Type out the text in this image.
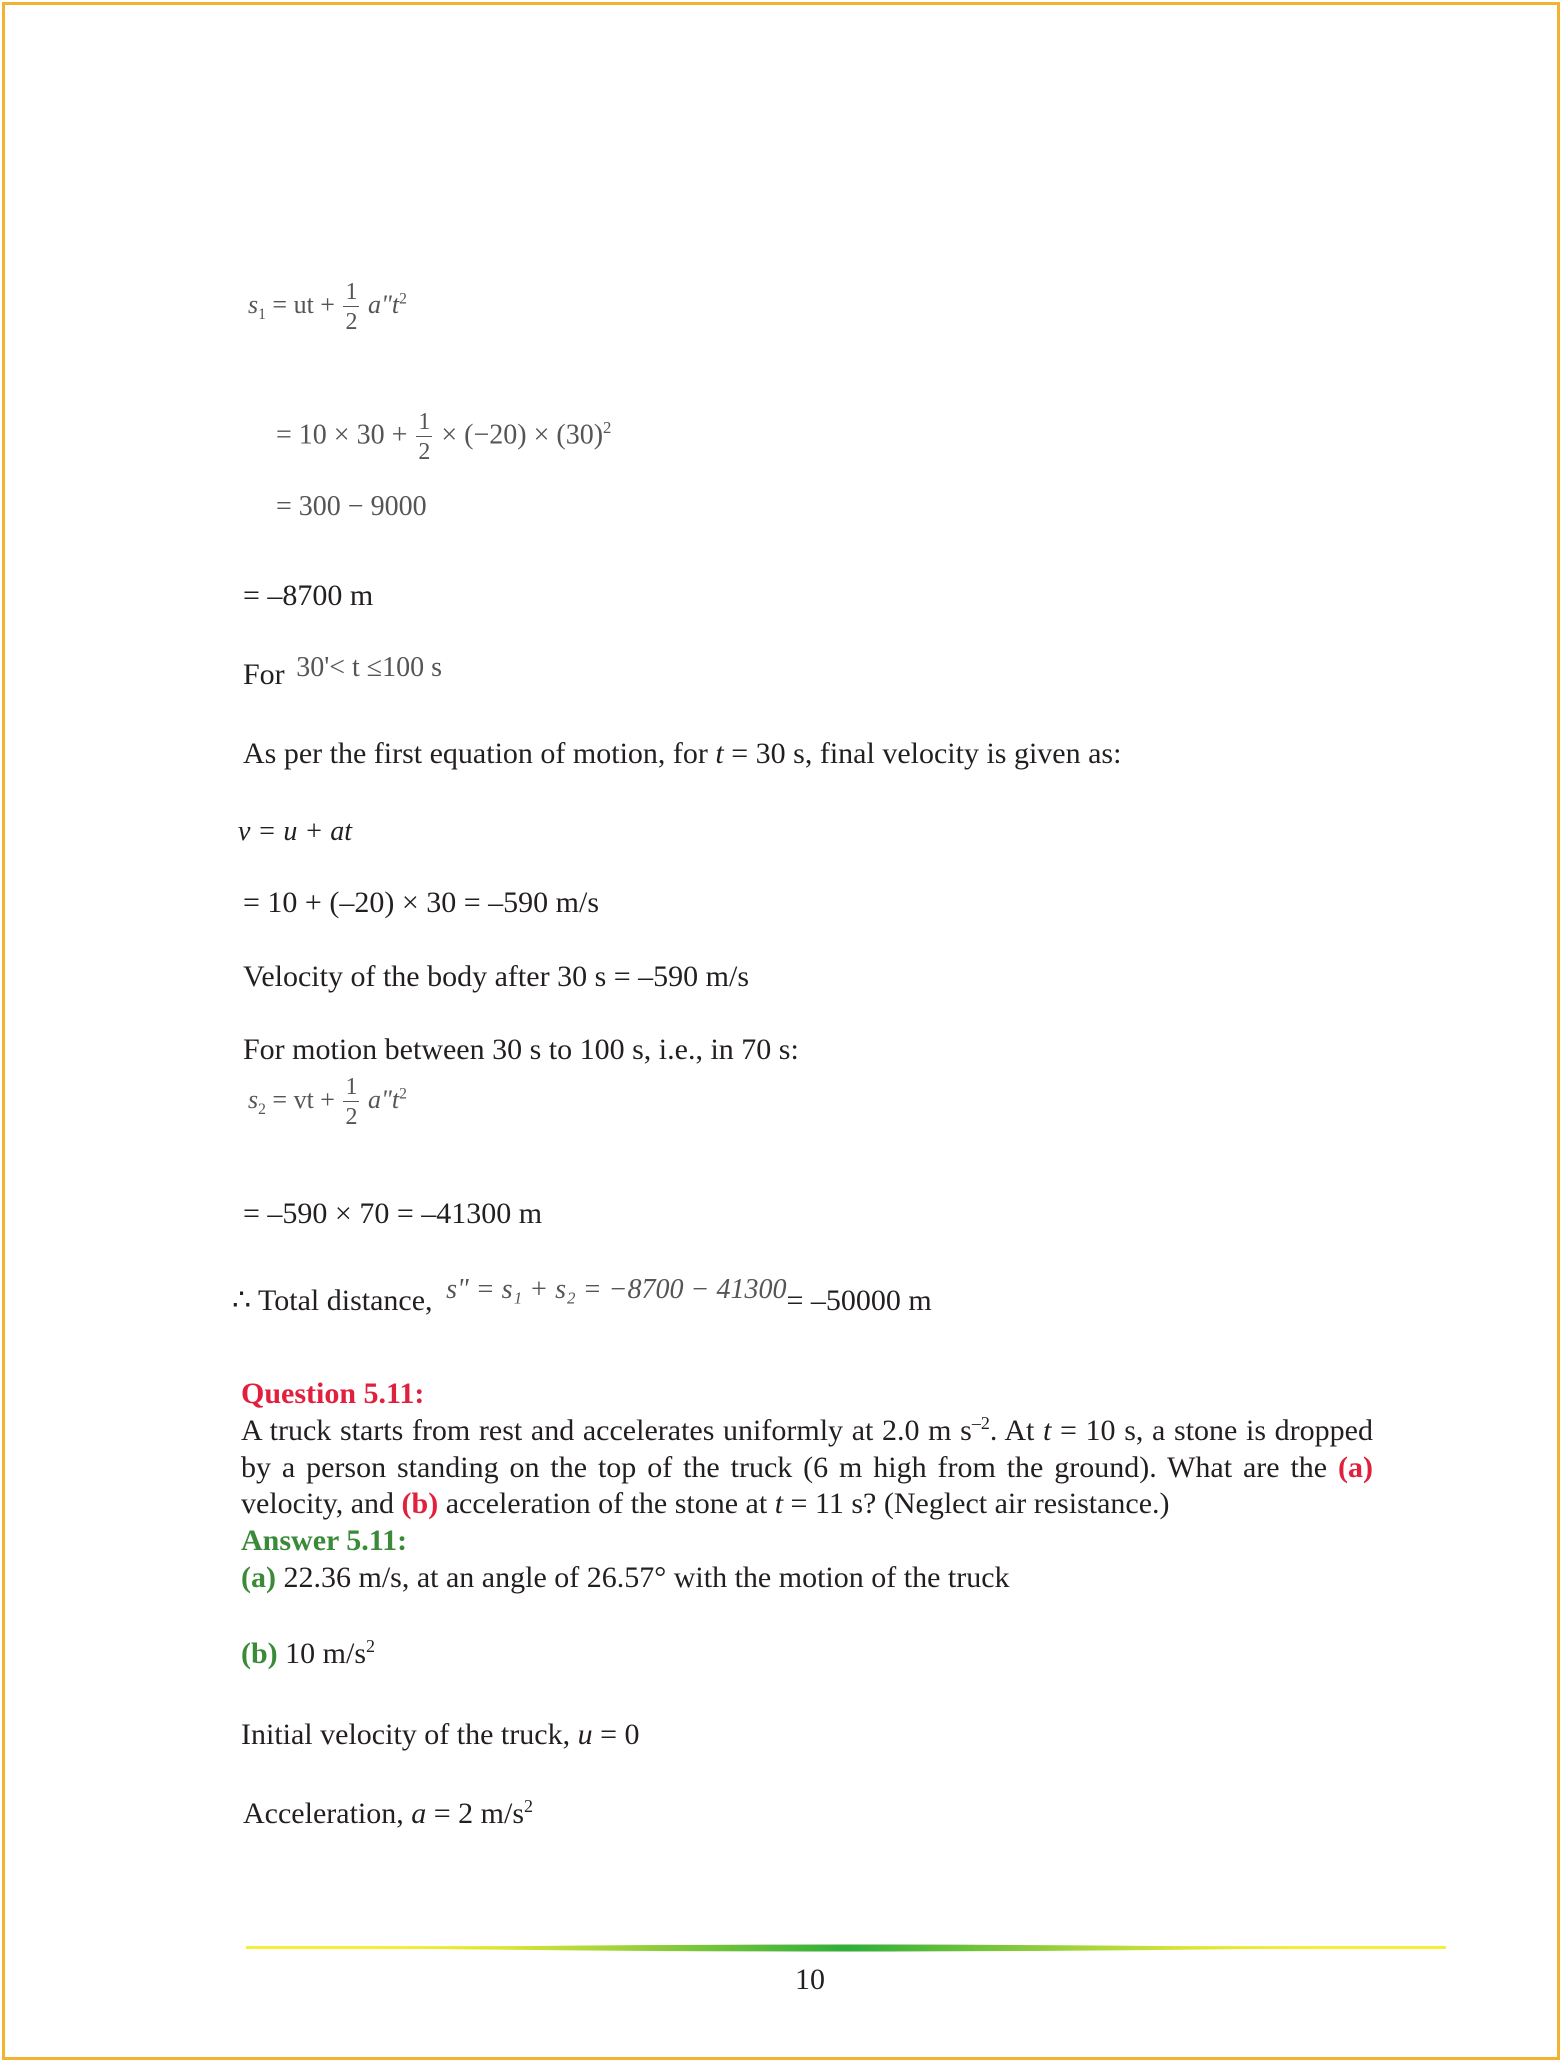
$s_1$ = ut + $\frac{1}{2}$ $a"t^2$
= $10 \times 30 + \frac{1}{2} \times (-20) \times (30)^2$
= 300 − 9000
= –8700 m
For 30'< t ≤100 s
As per the first equation of motion, for t = 30 s, final velocity is given as:
v = u + at
= 10 + (–20) × 30 = –590 m/s
Velocity of the body after 30 s = –590 m/s
For motion between 30 s to 100 s, i.e., in 70 s:
$s_2$ = vt + $\frac{1}{2}$ $a"t^2$
= –590 × 70 = –41300 m
∴ Total distance, s" = s₁ + s₂ = −8700 − 41300= –50000 m
Question 5.11:
A truck starts from rest and accelerates uniformly at 2.0 m $s^{-2}$. At t = 10 s, a stone is dropped by a person standing on the top of the truck (6 m high from the ground). What are the (a) velocity, and (b) acceleration of the stone at t = 11 s? (Neglect air resistance.)
Answer 5.11:
(a) 22.36 m/s, at an angle of 26.57° with the motion of the truck
(b) 10 $m/s^2$
Initial velocity of the truck, u = 0
Acceleration, a = 2 $m/s^2$
10
